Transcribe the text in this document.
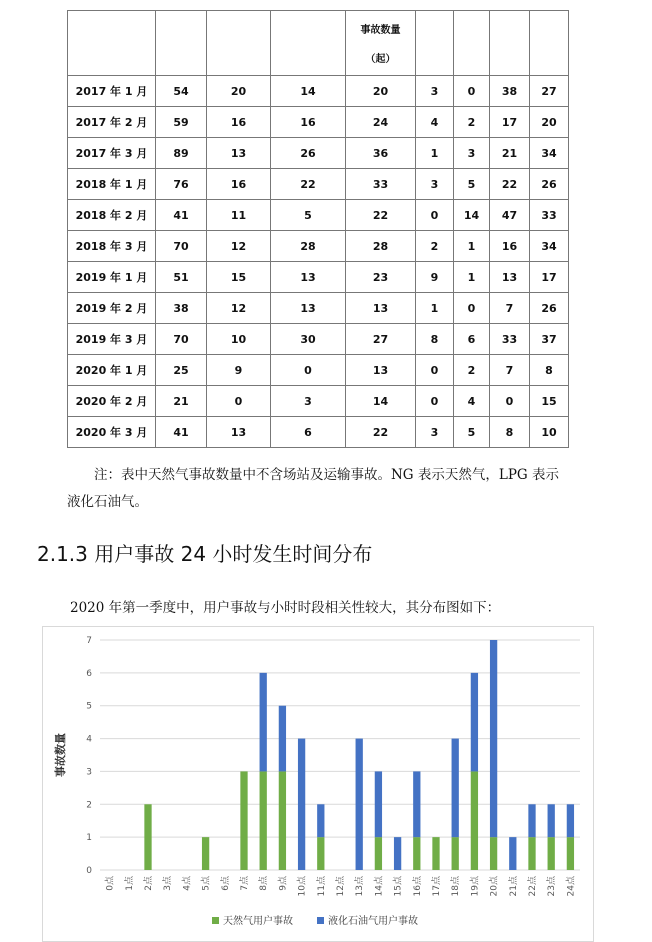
				事故数量
（起）				

2017 年 1 月	54	20	14	20	3	0	38	27
2017 年 2 月	59	16	16	24	4	2	17	20
2017 年 3 月	89	13	26	36	1	3	21	34
2018 年 1 月	76	16	22	33	3	5	22	26
2018 年 2 月	41	11	5	22	0	14	47	33
2018 年 3 月	70	12	28	28	2	1	16	34
2019 年 1 月	51	15	13	23	9	1	13	17
2019 年 2 月	38	12	13	13	1	0	7	26
2019 年 3 月	70	10	30	27	8	6	33	37
2020 年 1 月	25	9	0	13	0	2	7	8
2020 年 2 月	21	0	3	14	0	4	0	15
2020 年 3 月	41	13	6	22	3	5	8	10
注：表中天然气事故数量中不含场站及运输事故。NG 表示天然气，LPG 表示
液化石油气。
2.1.3 用户事故 24 小时发生时间分布
2020 年第一季度中，用户事故与小时时段相关性较大，其分布图如下：
0
1
2
3
4
5
6
7
事故数量
0点 1点 2点 3点 4点 5点 6点 7点 8点 9点 10点 11点 12点 13点 14点 15点 16点 17点 18点 19点 20点 21点 22点 23点 24点
天然气用户事故	液化石油气用户事故
